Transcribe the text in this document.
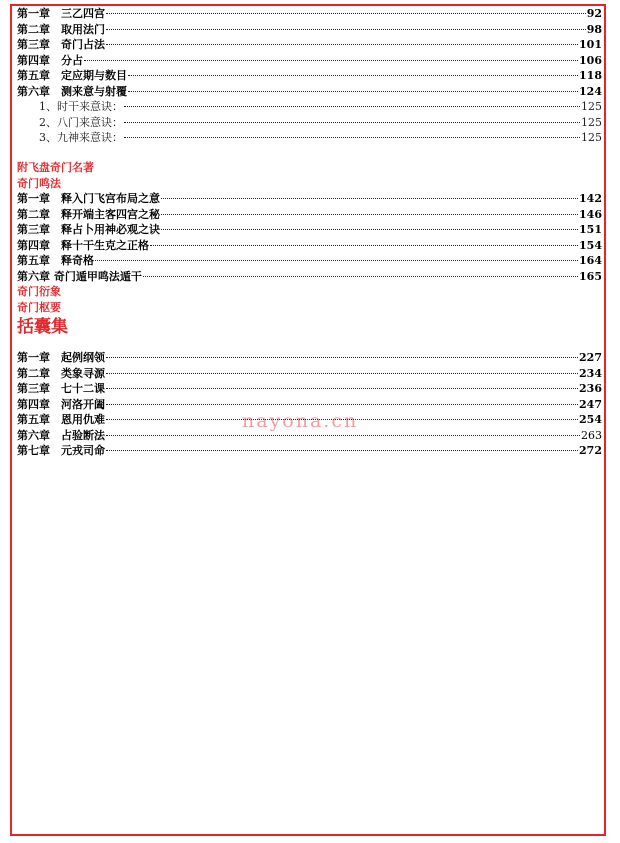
第一章　三乙四宫	92
第二章　取用法门	98
第三章　奇门占法	101
第四章　分占	106
第五章　定应期与数目	118
第六章　测来意与射覆	124
1、时干来意诀：	125
2、八门来意诀：	125
3、九神来意诀：	125
附飞盘奇门名著
奇门鸣法
第一章　释入门飞宫布局之意	142
第二章　释开端主客四宫之秘	146
第三章　释占卜用神必观之诀	151
第四章　释十干生克之正格	154
第五章　释奇格	164
第六章 奇门遁甲鸣法遁干	165
奇门衍象
奇门枢要
括囊集
第一章　起例纲领	227
第二章　类象寻源	234
第三章　七十二课	236
第四章　河洛开阖	247
第五章　恩用仇难	254
第六章　占验断法	263
第七章　元戎司命	272
nayona.cn
